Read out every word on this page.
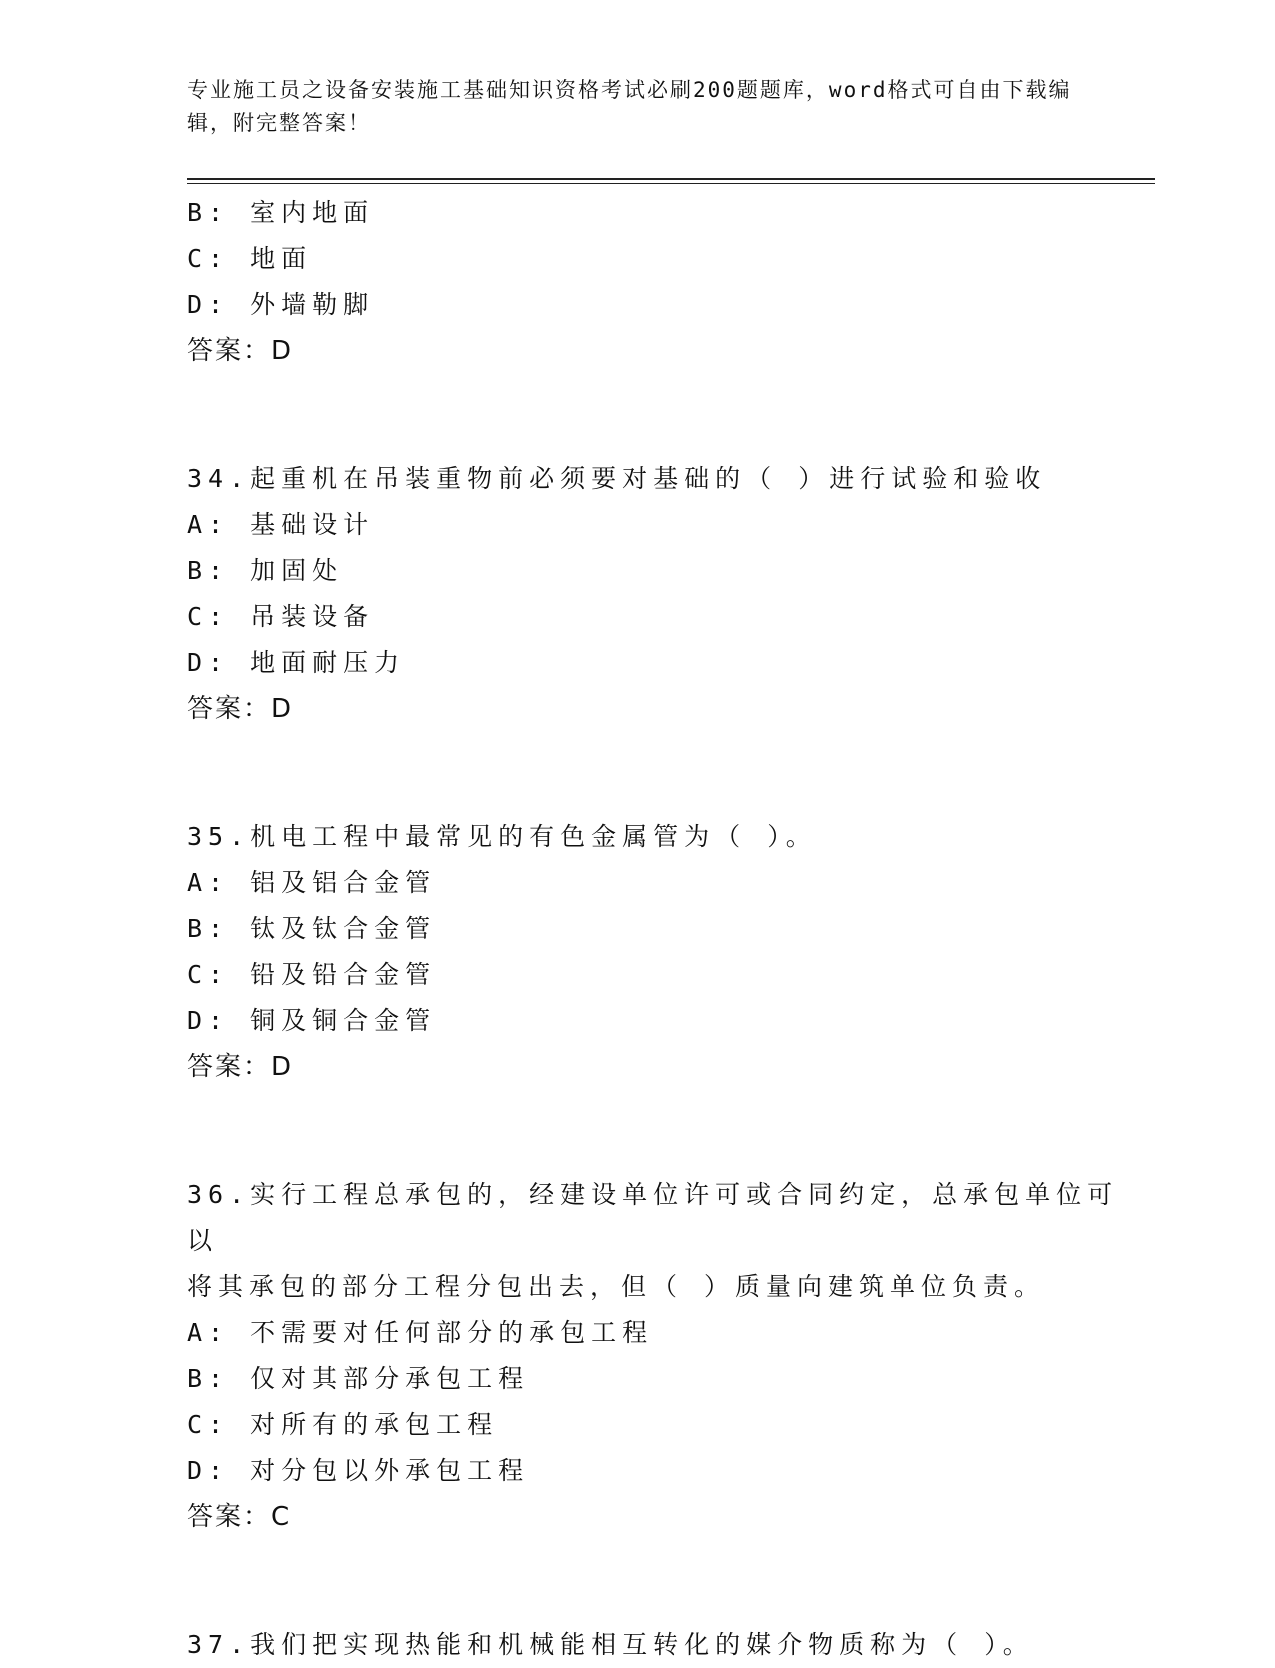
专业施工员之设备安装施工基础知识资格考试必刷200题题库，word格式可自由下载编辑，附完整答案！
B: 室内地面
C: 地面
D: 外墙勒脚
答案：D
34.起重机在吊装重物前必须要对基础的（ ）进行试验和验收
A: 基础设计
B: 加固处
C: 吊装设备
D: 地面耐压力
答案：D
35.机电工程中最常见的有色金属管为（ ）。
A: 铝及铝合金管
B: 钛及钛合金管
C: 铅及铅合金管
D: 铜及铜合金管
答案：D
36.实行工程总承包的，经建设单位许可或合同约定，总承包单位可以
将其承包的部分工程分包出去，但（ ）质量向建筑单位负责。
A: 不需要对任何部分的承包工程
B: 仅对其部分承包工程
C: 对所有的承包工程
D: 对分包以外承包工程
答案：C
37.我们把实现热能和机械能相互转化的媒介物质称为（ ）。
